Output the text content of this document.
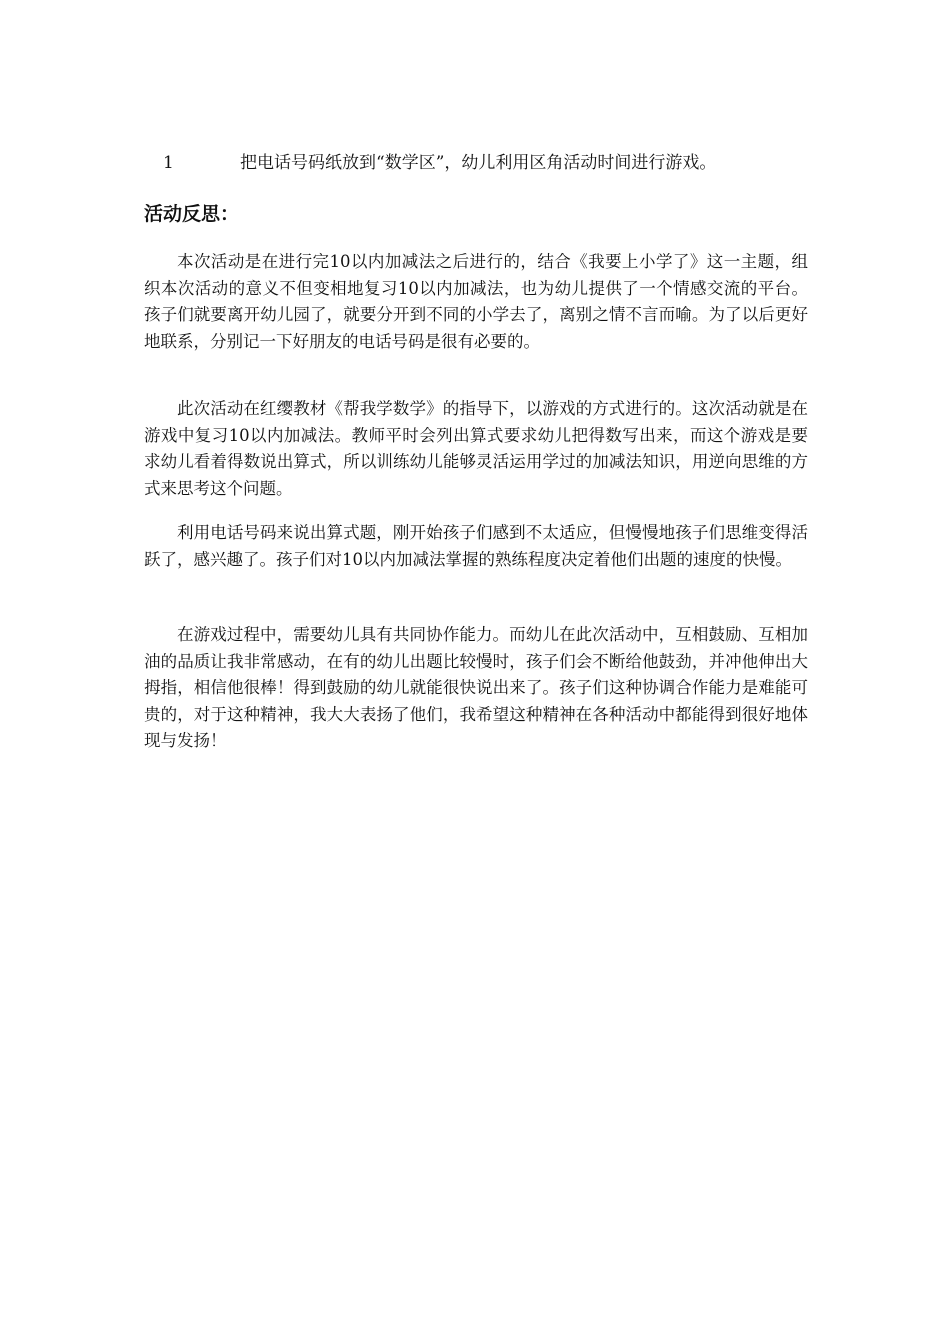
1	把电话号码纸放到“数学区”，幼儿利用区角活动时间进行游戏。
活动反思：

本次活动是在进行完10以内加减法之后进行的，结合《我要上小学了》这一主题，组织本次活动的意义不但变相地复习10以内加减法，也为幼儿提供了一个情感交流的平台。孩子们就要离开幼儿园了，就要分开到不同的小学去了，离别之情不言而喻。为了以后更好地联系，分别记一下好朋友的电话号码是很有必要的。

此次活动在红缨教材《帮我学数学》的指导下，以游戏的方式进行的。这次活动就是在游戏中复习10以内加减法。教师平时会列出算式要求幼儿把得数写出来，而这个游戏是要求幼儿看着得数说出算式，所以训练幼儿能够灵活运用学过的加减法知识，用逆向思维的方式来思考这个问题。

利用电话号码来说出算式题，刚开始孩子们感到不太适应，但慢慢地孩子们思维变得活跃了，感兴趣了。孩子们对10以内加减法掌握的熟练程度决定着他们出题的速度的快慢。

在游戏过程中，需要幼儿具有共同协作能力。而幼儿在此次活动中，互相鼓励、互相加油的品质让我非常感动，在有的幼儿出题比较慢时，孩子们会不断给他鼓劲，并冲他伸出大拇指，相信他很棒！得到鼓励的幼儿就能很快说出来了。孩子们这种协调合作能力是难能可贵的，对于这种精神，我大大表扬了他们，我希望这种精神在各种活动中都能得到很好地体现与发扬！
